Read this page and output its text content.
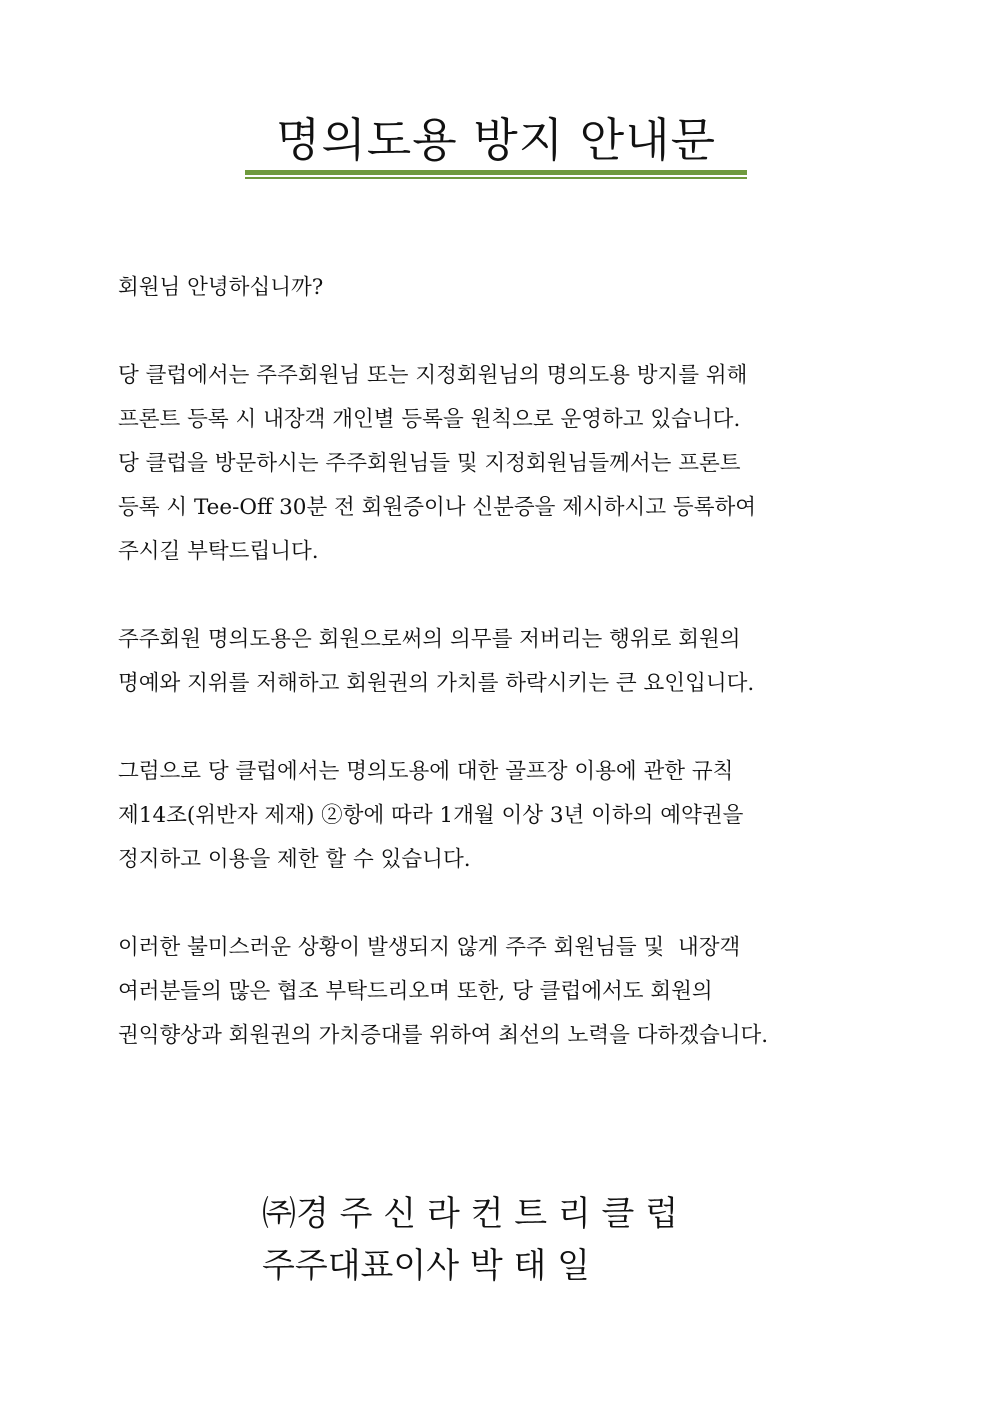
명의도용 방지 안내문
회원님 안녕하십니까?
당 클럽에서는 주주회원님 또는 지정회원님의 명의도용 방지를 위해
프론트 등록 시 내장객 개인별 등록을 원칙으로 운영하고 있습니다.
당 클럽을 방문하시는 주주회원님들 및 지정회원님들께서는 프론트
등록 시 Tee-Off 30분 전 회원증이나 신분증을 제시하시고 등록하여
주시길 부탁드립니다.
주주회원 명의도용은 회원으로써의 의무를 저버리는 행위로 회원의
명예와 지위를 저해하고 회원권의 가치를 하락시키는 큰 요인입니다.
그럼으로 당 클럽에서는 명의도용에 대한 골프장 이용에 관한 규칙
제14조(위반자 제재) ②항에 따라 1개월 이상 3년 이하의 예약권을
정지하고 이용을 제한 할 수 있습니다.
이러한 불미스러운 상황이 발생되지 않게 주주 회원님들 및  내장객
여러분들의 많은 협조 부탁드리오며 또한, 당 클럽에서도 회원의
권익향상과 회원권의 가치증대를 위하여 최선의 노력을 다하겠습니다.
㈜경 주 신 라 컨 트 리 클 럽
주주대표이사 박 태 일
